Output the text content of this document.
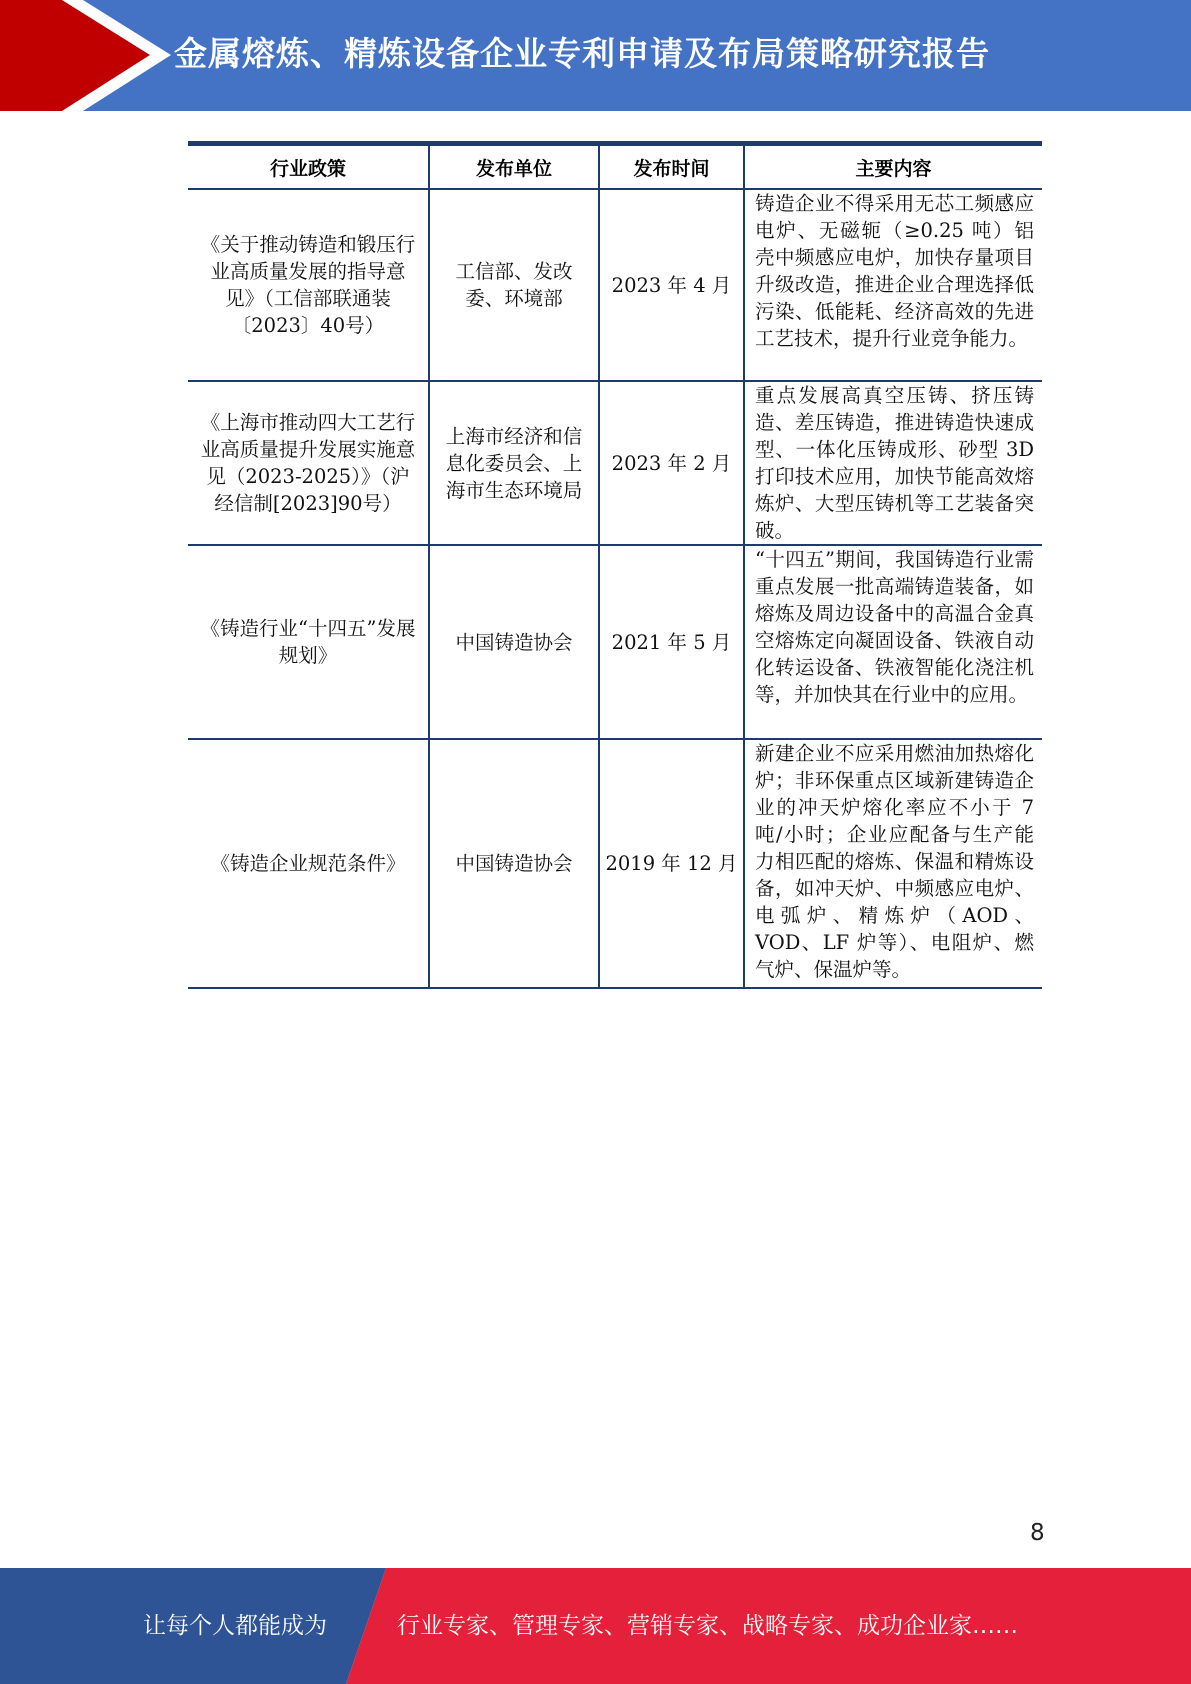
金属熔炼、精炼设备企业专利申请及布局策略研究报告
行业政策	发布单位	发布时间	主要内容
《关于推动铸造和锻压行业高质量发展的指导意见》（工信部联通装〔2023〕40号）	工信部、发改委、环境部	2023 年 4 月	铸造企业不得采用无芯工频感应电炉、无磁轭（≥0.25 吨）铝壳中频感应电炉，加快存量项目升级改造，推进企业合理选择低污染、低能耗、经济高效的先进工艺技术，提升行业竞争能力。
《上海市推动四大工艺行业高质量提升发展实施意见（2023-2025）》（沪经信制[2023]90号）	上海市经济和信息化委员会、上海市生态环境局	2023 年 2 月	重点发展高真空压铸、挤压铸造、差压铸造，推进铸造快速成型、一体化压铸成形、砂型 3D 打印技术应用，加快节能高效熔炼炉、大型压铸机等工艺装备突破。
《铸造行业“十四五”发展规划》	中国铸造协会	2021 年 5 月	“十四五”期间，我国铸造行业需重点发展一批高端铸造装备，如熔炼及周边设备中的高温合金真空熔炼定向凝固设备、铁液自动化转运设备、铁液智能化浇注机等，并加快其在行业中的应用。
《铸造企业规范条件》	中国铸造协会	2019 年 12 月	新建企业不应采用燃油加热熔化炉；非环保重点区域新建铸造企业的冲天炉熔化率应不小于 7 吨/小时；企业应配备与生产能力相匹配的熔炼、保温和精炼设备，如冲天炉、中频感应电炉、电弧炉、精炼炉（AOD、VOD、LF 炉等）、电阻炉、燃气炉、保温炉等。
8
让每个人都能成为	行业专家、管理专家、营销专家、战略专家、成功企业家……
